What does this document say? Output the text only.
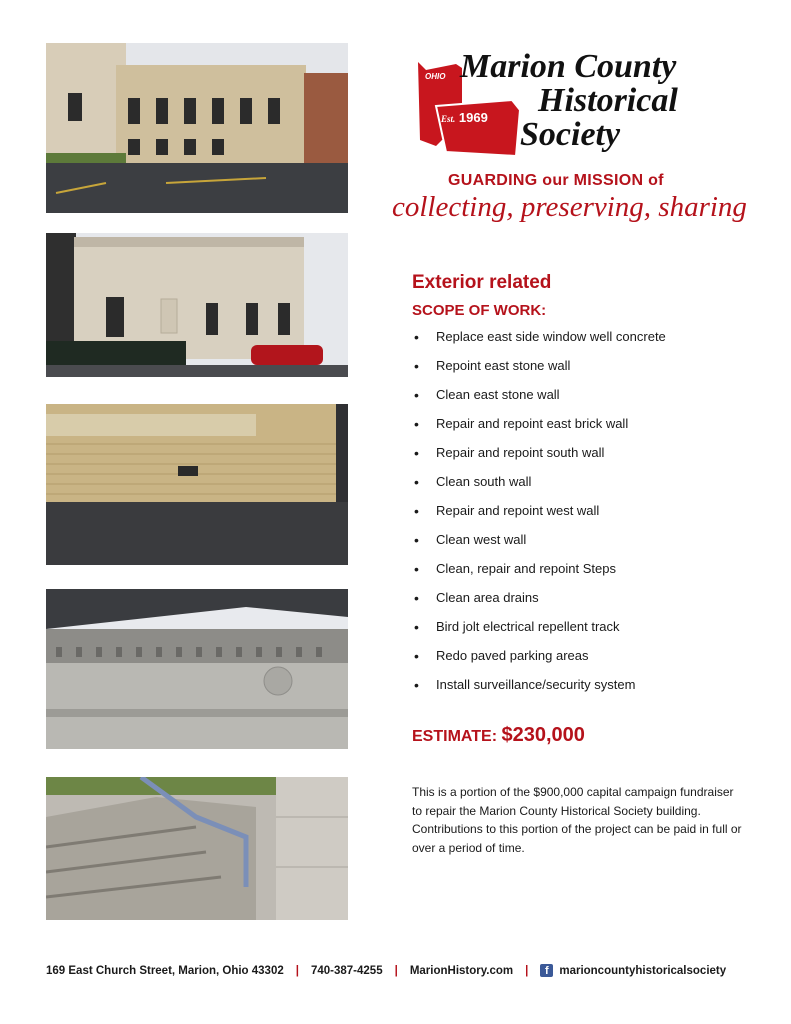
OHIO
Est. 1969
Marion County
Historical
Society
GUARDING our MISSION of
collecting, preserving, sharing
Exterior related
SCOPE OF WORK:
• Replace east side window well concrete
• Repoint east stone wall
• Clean east stone wall
• Repair and repoint east brick wall
• Repair and repoint south wall
• Clean south wall
• Repair and repoint west wall
• Clean west wall
• Clean, repair and repoint Steps
• Clean area drains
• Bird jolt electrical repellent track
• Redo paved parking areas
• Install surveillance/security system
ESTIMATE: $230,000

This is a portion of the $900,000 capital campaign fundraiser to repair the Marion County Historical Society building.

Contributions to this portion of the project can be paid in full or over a period of time.

169 East Church Street, Marion, Ohio 43302 | 740-387-4255 | MarionHistory.com |	f marioncountyhistoricalsociety
